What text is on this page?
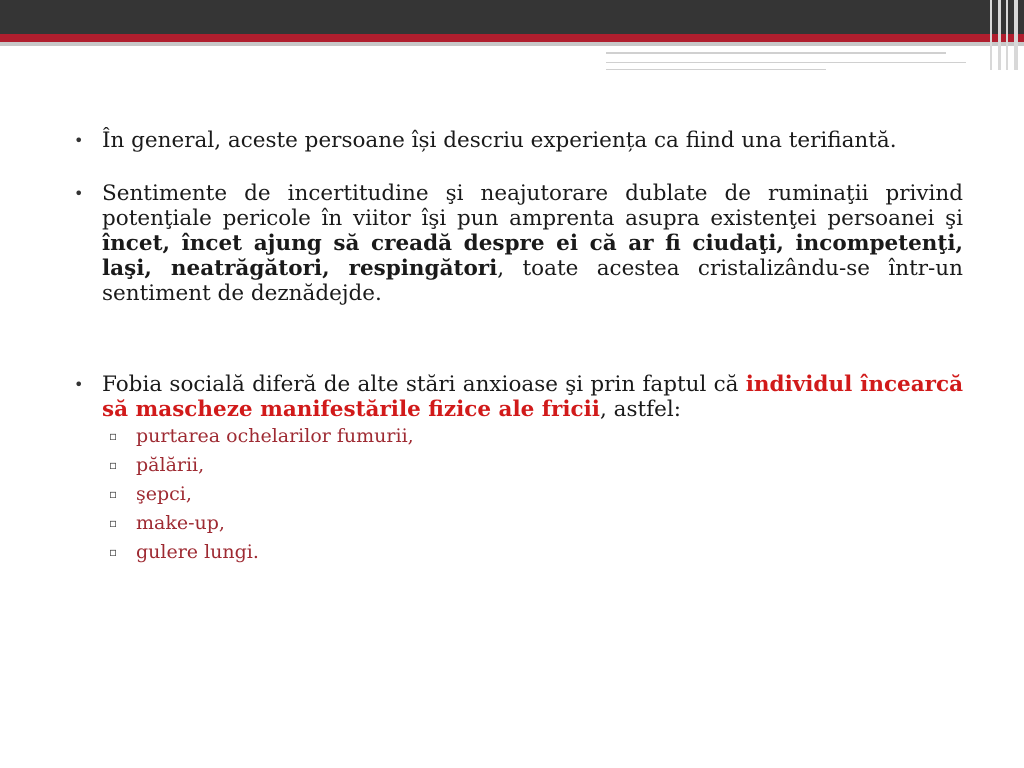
• În general, aceste persoane își descriu experiența ca fiind una terifiantă.

• Sentimente de incertitudine şi neajutorare dublate de ruminaţii privind potenţiale pericole în viitor îşi pun amprenta asupra existenţei persoanei şi încet, încet ajung să creadă despre ei că ar fi ciudaţi, incompetenţi, laşi, neatrăgători, respingători, toate acestea cristalizându-se într-un sentiment de deznădejde.

• Fobia socială diferă de alte stări anxioase şi prin faptul că individul încearcă să mascheze manifestările fizice ale fricii, astfel:

▫ purtarea ochelarilor fumurii,
▫ pălării,
▫ şepci,
▫ make-up,
▫ gulere lungi.
